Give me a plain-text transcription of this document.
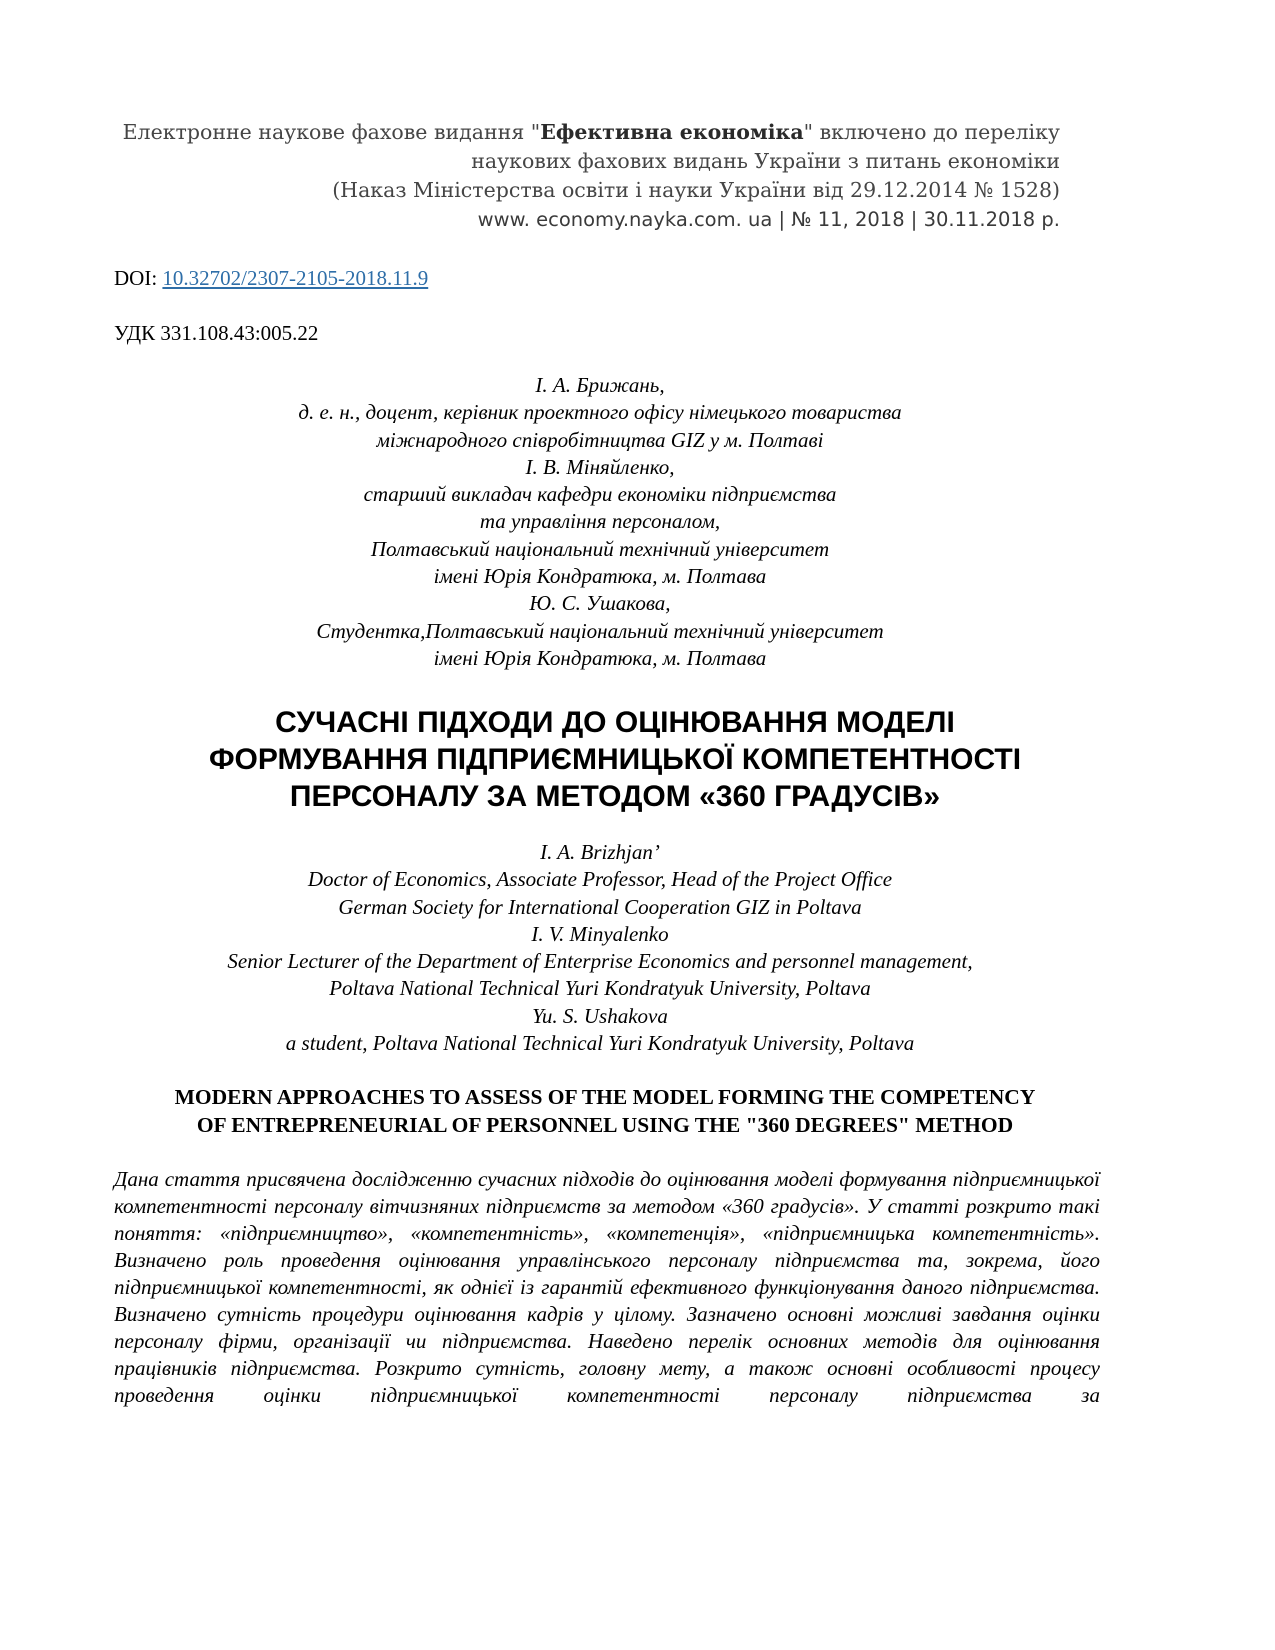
Електронне наукове фахове видання "Ефективна економіка" включено до переліку
наукових фахових видань України з питань економіки
(Наказ Міністерства освіти і науки України від 29.12.2014 № 1528)
www. economy.nayka.com. ua | № 11, 2018 | 30.11.2018 р.
DOI: 10.32702/2307-2105-2018.11.9
УДК 331.108.43:005.22
І. А. Брижань,
д. е. н., доцент, керівник проектного офісу німецького товариства
міжнародного співробітництва GIZ у м. Полтаві
І. В. Міняйленко,
старший викладач кафедри економіки підприємства
та управління персоналом,
Полтавський національний технічний університет
імені Юрія Кондратюка, м. Полтава
Ю. С. Ушакова,
Студентка,Полтавський національний технічний університет
імені Юрія Кондратюка, м. Полтава
СУЧАСНІ ПІДХОДИ ДО ОЦІНЮВАННЯ МОДЕЛІ
ФОРМУВАННЯ ПІДПРИЄМНИЦЬКОЇ КОМПЕТЕНТНОСТІ
ПЕРСОНАЛУ ЗА МЕТОДОМ «360 ГРАДУСІВ»
I. A. Brizhjan’
Doctor of Economics, Associate Professor, Head of the Project Office
German Society for International Cooperation GIZ in Poltava
I. V. Minyalenko
Senior Lecturer of the Department of Enterprise Economics and personnel management,
Poltava National Technical Yuri Kondratyuk University, Poltava
Yu. S. Ushakova
a student, Poltava National Technical Yuri Kondratyuk University, Poltava
MODERN APPROACHES TO ASSESS OF THE MODEL FORMING THE COMPETENCY
OF ENTREPRENEURIAL OF PERSONNEL USING THE "360 DEGREES" METHOD

Дана стаття присвячена дослідженню сучасних підходів до оцінювання моделі формування підприємницької компетентності персоналу вітчизняних підприємств за методом «360 градусів». У статті розкрито такі поняття: «підприємництво», «компетентність», «компетенція», «підприємницька компетентність». Визначено роль проведення оцінювання управлінського персоналу підприємства та, зокрема, його підприємницької компетентності, як однієї із гарантій ефективного функціонування даного підприємства. Визначено сутність процедури оцінювання кадрів у цілому. Зазначено основні можливі завдання оцінки персоналу фірми, організації чи підприємства. Наведено перелік основних методів для оцінювання працівників підприємства. Розкрито сутність, головну мету, а також основні особливості процесу проведення оцінки підприємницької компетентності персоналу підприємства за
